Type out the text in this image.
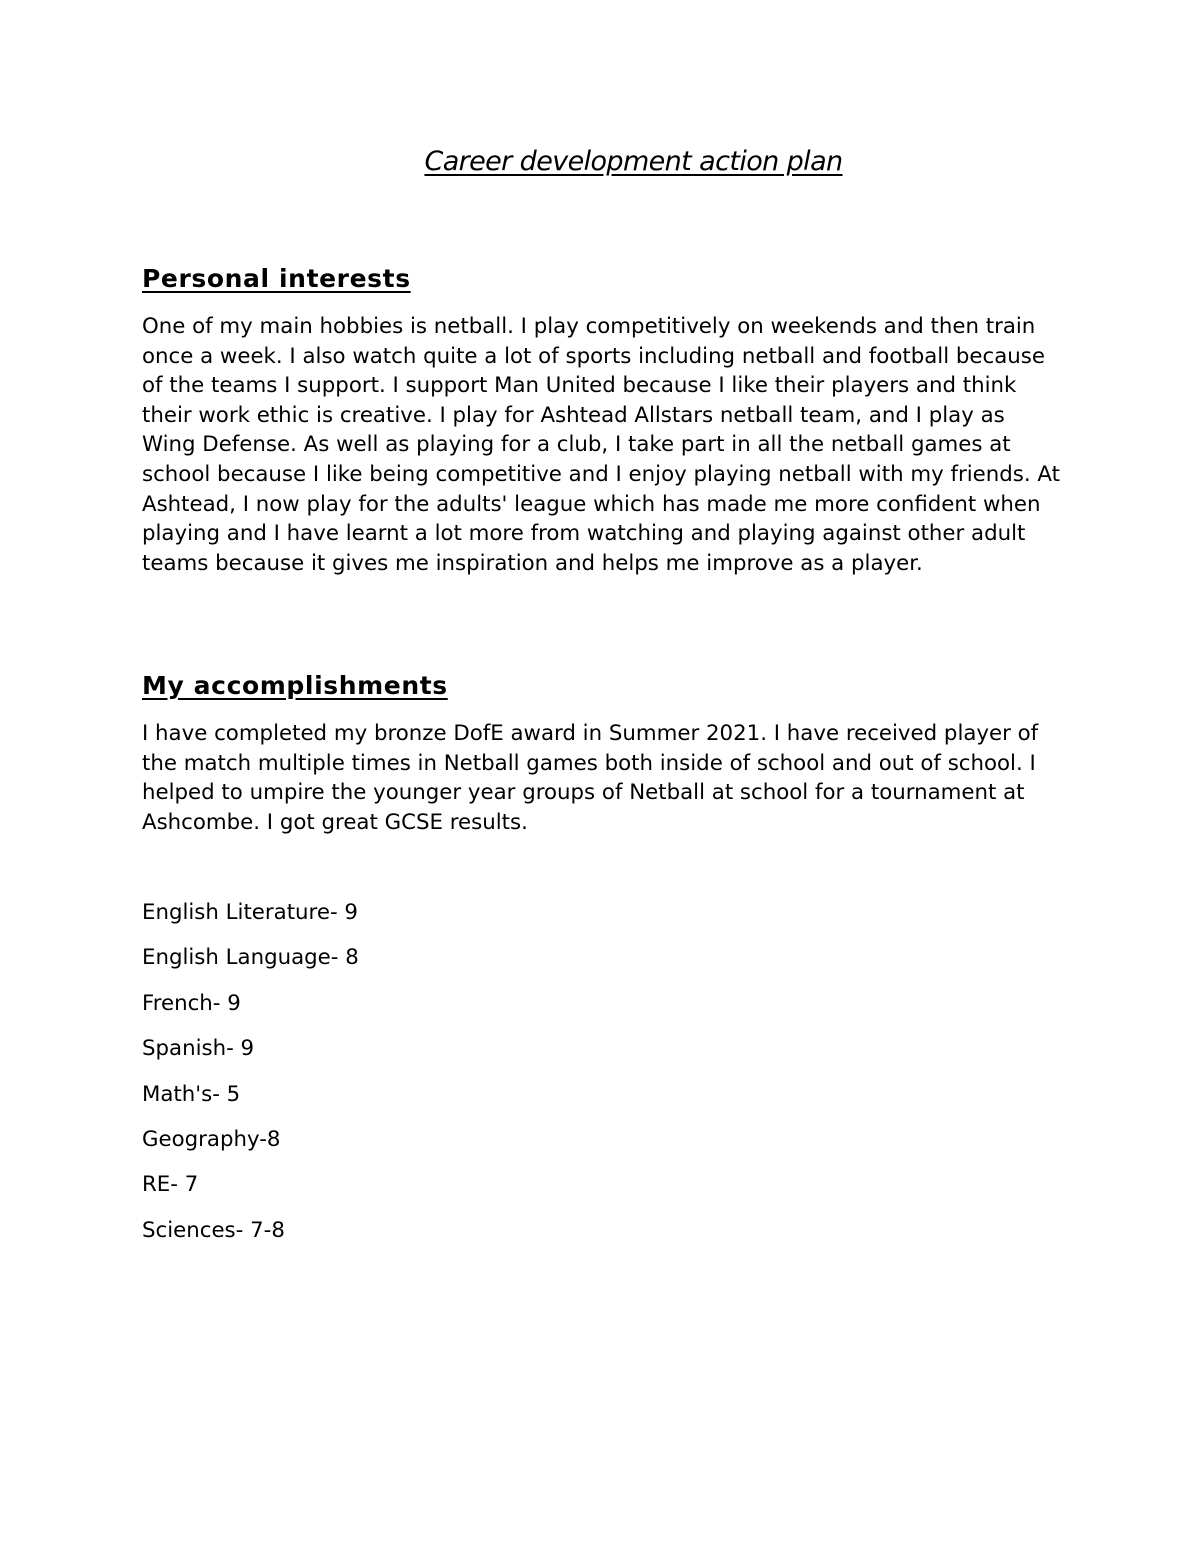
Career development action plan
Personal interests

One of my main hobbies is netball. I play competitively on weekends and then train once a week. I also watch quite a lot of sports including netball and football because of the teams I support. I support Man United because I like their players and think their work ethic is creative. I play for Ashtead Allstars netball team, and I play as Wing Defense. As well as playing for a club, I take part in all the netball games at school because I like being competitive and I enjoy playing netball with my friends. At Ashtead, I now play for the adults' league which has made me more confident when playing and I have learnt a lot more from watching and playing against other adult teams because it gives me inspiration and helps me improve as a player.

My accomplishments

I have completed my bronze DofE award in Summer 2021. I have received player of the match multiple times in Netball games both inside of school and out of school. I helped to umpire the younger year groups of Netball at school for a tournament at Ashcombe. I got great GCSE results.

English Literature- 9
English Language- 8
French- 9
Spanish- 9
Math's- 5
Geography-8
RE- 7
Sciences- 7-8
